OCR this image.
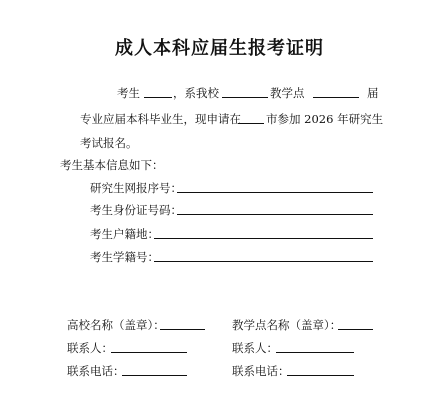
成人本科应届生报考证明
考生	，系我校	教学点	届
专业应届本科毕业生，现申请在 市参加 2026 年研究生
考试报名。
考生基本信息如下：
研究生网报序号：
考生身份证号码：
考生户籍地：
考生学籍号：
高校名称（盖章）：	教学点名称（盖章）：
联系人：	联系人：
联系电话：	联系电话：
